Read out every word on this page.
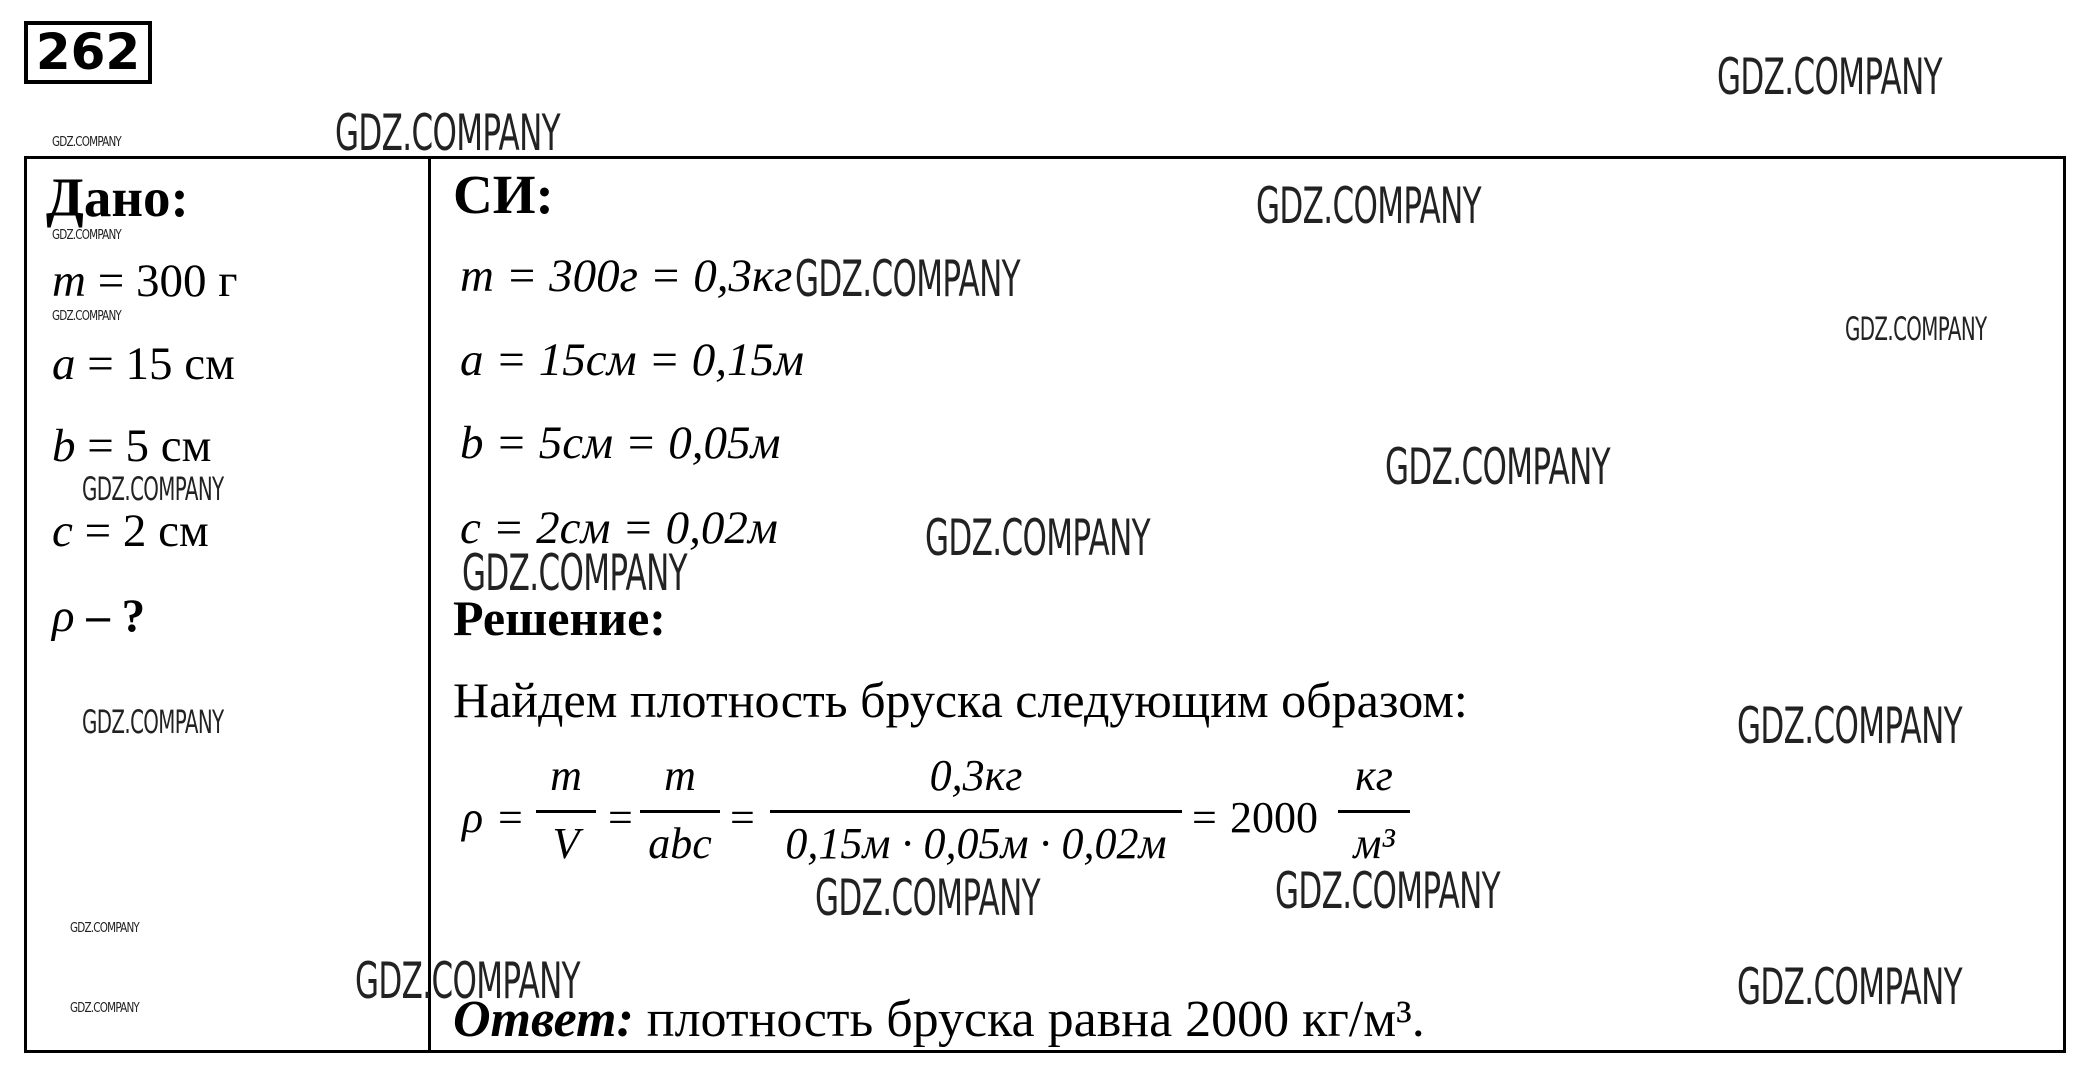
262
Дано:
m = 300 г
a = 15 см
b = 5 см
c = 2 см
ρ – ?
СИ:
m = 300г = 0,3кг
a = 15см = 0,15м
b = 5см = 0,05м
c = 2см = 0,02м
Решение:
Найдем плотность бруска следующим образом:
ρ =
m
V
=
m
abc
=
0,3кг
0,15м · 0,05м · 0,02м
= 2000
кг
м³
Ответ: плотность бруска равна 2000 кг/м³.
GDZ.COMPANY
GDZ.COMPANY
GDZ.COMPANY
GDZ.COMPANY
GDZ.COMPANY
GDZ.COMPANY
GDZ.COMPANY	GDZ.COMPANY
GDZ.COMPANY
GDZ.COMPANY
GDZ.COMPANY
GDZ.COMPANY
GDZ.COMPANY
GDZ.COMPANY
GDZ.COMPANY
GDZ.COMPANY
GDZ.COMPANY
GDZ.COMPANY	GDZ.COMPANY
GDZ.COMPANY
